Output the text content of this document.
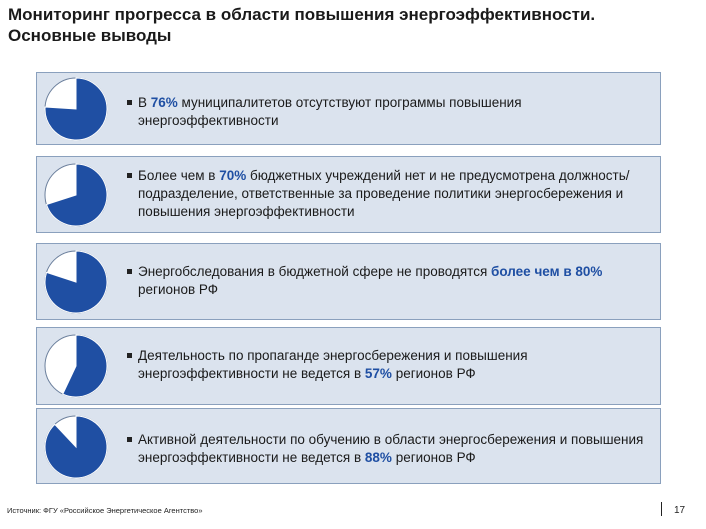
Мониторинг прогресса в области повышения энергоэффективности.
Основные выводы
В 76% муниципалитетов отсутствуют программы повышения энергоэффективности
Более чем в 70% бюджетных учреждений нет и не предусмотрена должность/подразделение, ответственные за проведение политики энергосбережения и повышения энергоэффективности
Энергобследования в бюджетной сфере не проводятся более чем в 80% регионов РФ
Деятельность по пропаганде энергосбережения и повышения энергоэффективности не ведется в 57% регионов РФ
Активной деятельности по обучению в области энергосбережения и повышения энергоэффективности не ведется в 88% регионов РФ
Источник: ФГУ «Российское Энергетическое Агентство»	17
